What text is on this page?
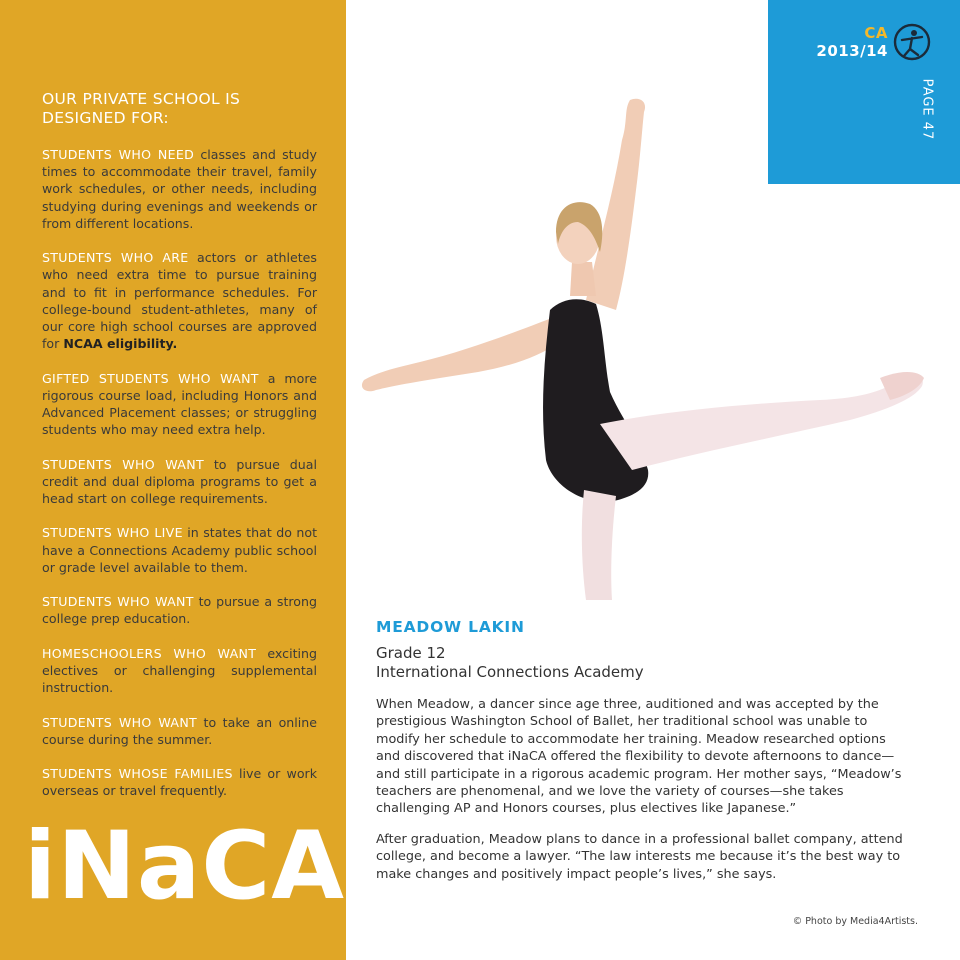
OUR PRIVATE SCHOOL IS DESIGNED FOR:

STUDENTS WHO NEED classes and study times to accommodate their travel, family work schedules, or other needs, including studying during evenings and weekends or from different locations.

STUDENTS WHO ARE actors or athletes who need extra time to pursue training and to fit in performance schedules. For college-bound student-athletes, many of our core high school courses are approved for NCAA eligibility.

GIFTED STUDENTS WHO WANT a more rigorous course load, including Honors and Advanced Placement classes; or struggling students who may need extra help.

STUDENTS WHO WANT to pursue dual credit and dual diploma programs to get a head start on college requirements.

STUDENTS WHO LIVE in states that do not have a Connections Academy public school or grade level available to them.

STUDENTS WHO WANT to pursue a strong college prep education.

HOMESCHOOLERS WHO WANT exciting electives or challenging supplemental instruction.

STUDENTS WHO WANT to take an online course during the summer.

STUDENTS WHOSE FAMILIES live or work overseas or travel frequently.

iNaCA
CA
2013/14
PAGE 47
MEADOW LAKIN
Grade 12
International Connections Academy

When Meadow, a dancer since age three, auditioned and was accepted by the prestigious Washington School of Ballet, her traditional school was unable to modify her schedule to accommodate her training. Meadow researched options and discovered that iNaCA offered the flexibility to devote afternoons to dance—and still participate in a rigorous academic program. Her mother says, “Meadow’s teachers are phenomenal, and we love the variety of courses—she takes challenging AP and Honors courses, plus electives like Japanese.”

After graduation, Meadow plans to dance in a professional ballet company, attend college, and become a lawyer. “The law interests me because it’s the best way to make changes and positively impact people’s lives,” she says.

© Photo by Media4Artists.
